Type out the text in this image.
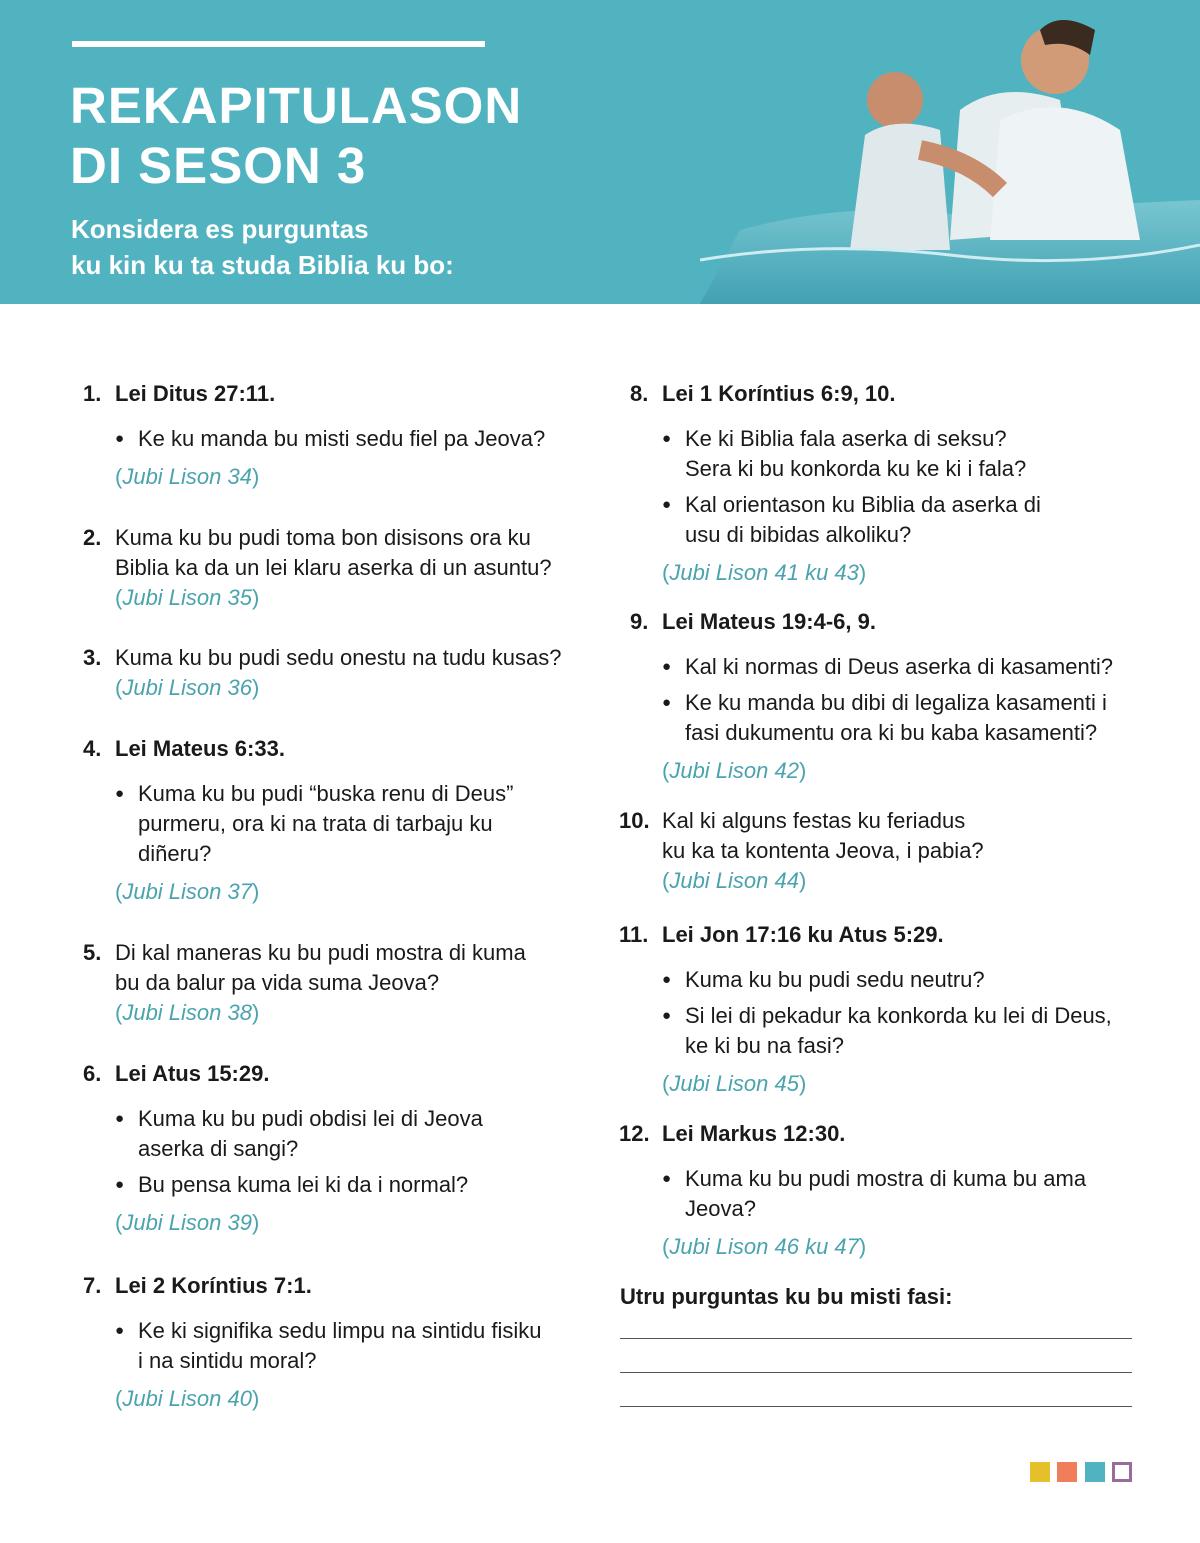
REKAPITULASON
DI SESON 3
Konsidera es purguntas
ku kin ku ta studa Biblia ku bo:
1. Lei Ditus 27:11.
● Ke ku manda bu misti sedu fiel pa Jeova?
(Jubi Lison 34)
2. Kuma ku bu pudi toma bon disisons ora ku
Biblia ka da un lei klaru aserka di un asuntu?
(Jubi Lison 35)
3. Kuma ku bu pudi sedu onestu na tudu kusas?
(Jubi Lison 36)
4. Lei Mateus 6:33.
● Kuma ku bu pudi “buska renu di Deus”
purmeru, ora ki na trata di tarbaju ku
diñeru?
(Jubi Lison 37)
5. Di kal maneras ku bu pudi mostra di kuma
bu da balur pa vida suma Jeova?
(Jubi Lison 38)
6. Lei Atus 15:29.
● Kuma ku bu pudi obdisi lei di Jeova
aserka di sangi?
● Bu pensa kuma lei ki da i normal?
(Jubi Lison 39)
7. Lei 2 Koríntius 7:1.
● Ke ki signifika sedu limpu na sintidu fisiku
i na sintidu moral?
(Jubi Lison 40)
8. Lei 1 Koríntius 6:9, 10.
● Ke ki Biblia fala aserka di seksu?
Sera ki bu konkorda ku ke ki i fala?
● Kal orientason ku Biblia da aserka di
usu di bibidas alkoliku?
(Jubi Lison 41 ku 43)
9. Lei Mateus 19:4-6, 9.
● Kal ki normas di Deus aserka di kasamenti?
● Ke ku manda bu dibi di legaliza kasamenti i
fasi dukumentu ora ki bu kaba kasamenti?
(Jubi Lison 42)
10. Kal ki alguns festas ku feriadus
ku ka ta kontenta Jeova, i pabia?
(Jubi Lison 44)
11. Lei Jon 17:16 ku Atus 5:29.
● Kuma ku bu pudi sedu neutru?
● Si lei di pekadur ka konkorda ku lei di Deus,
ke ki bu na fasi?
(Jubi Lison 45)
12. Lei Markus 12:30.
● Kuma ku bu pudi mostra di kuma bu ama
Jeova?
(Jubi Lison 46 ku 47)
Utru purguntas ku bu misti fasi:
